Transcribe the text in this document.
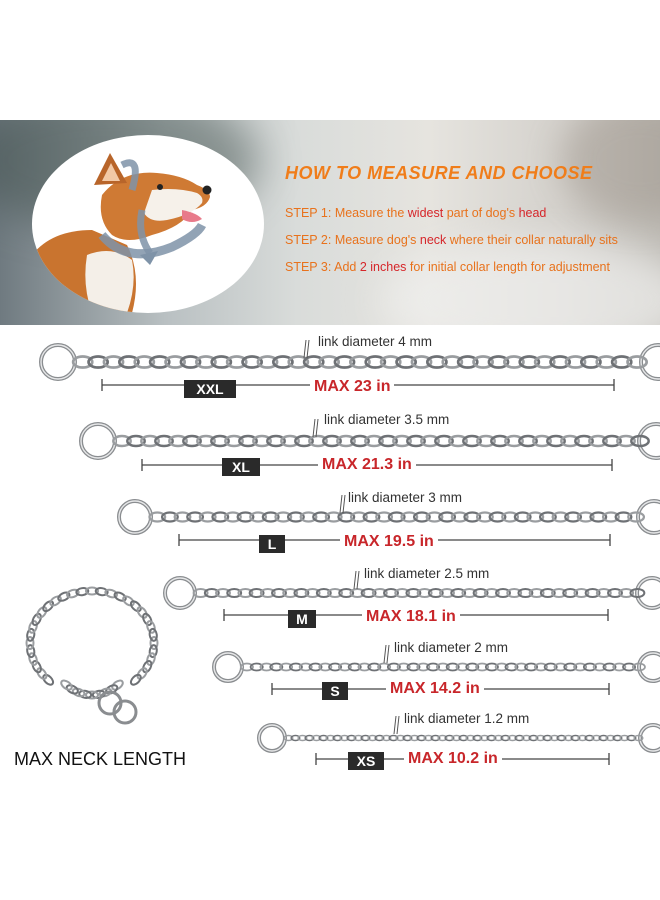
HOW TO MEASURE AND CHOOSE
STEP 1: Measure the widest part of dog's head
STEP 2: Measure dog's neck where their collar naturally sits
STEP 3: Add 2 inches for initial collar length for adjustment
link diameter 4 mm
XXL	MAX 23 in
link diameter 3.5 mm
XL	MAX 21.3 in
link diameter 3 mm
L	MAX 19.5 in
link diameter 2.5 mm
M	MAX 18.1 in
link diameter 2 mm
S	MAX 14.2 in
link diameter 1.2 mm
XS	MAX 10.2 in
MAX NECK LENGTH
